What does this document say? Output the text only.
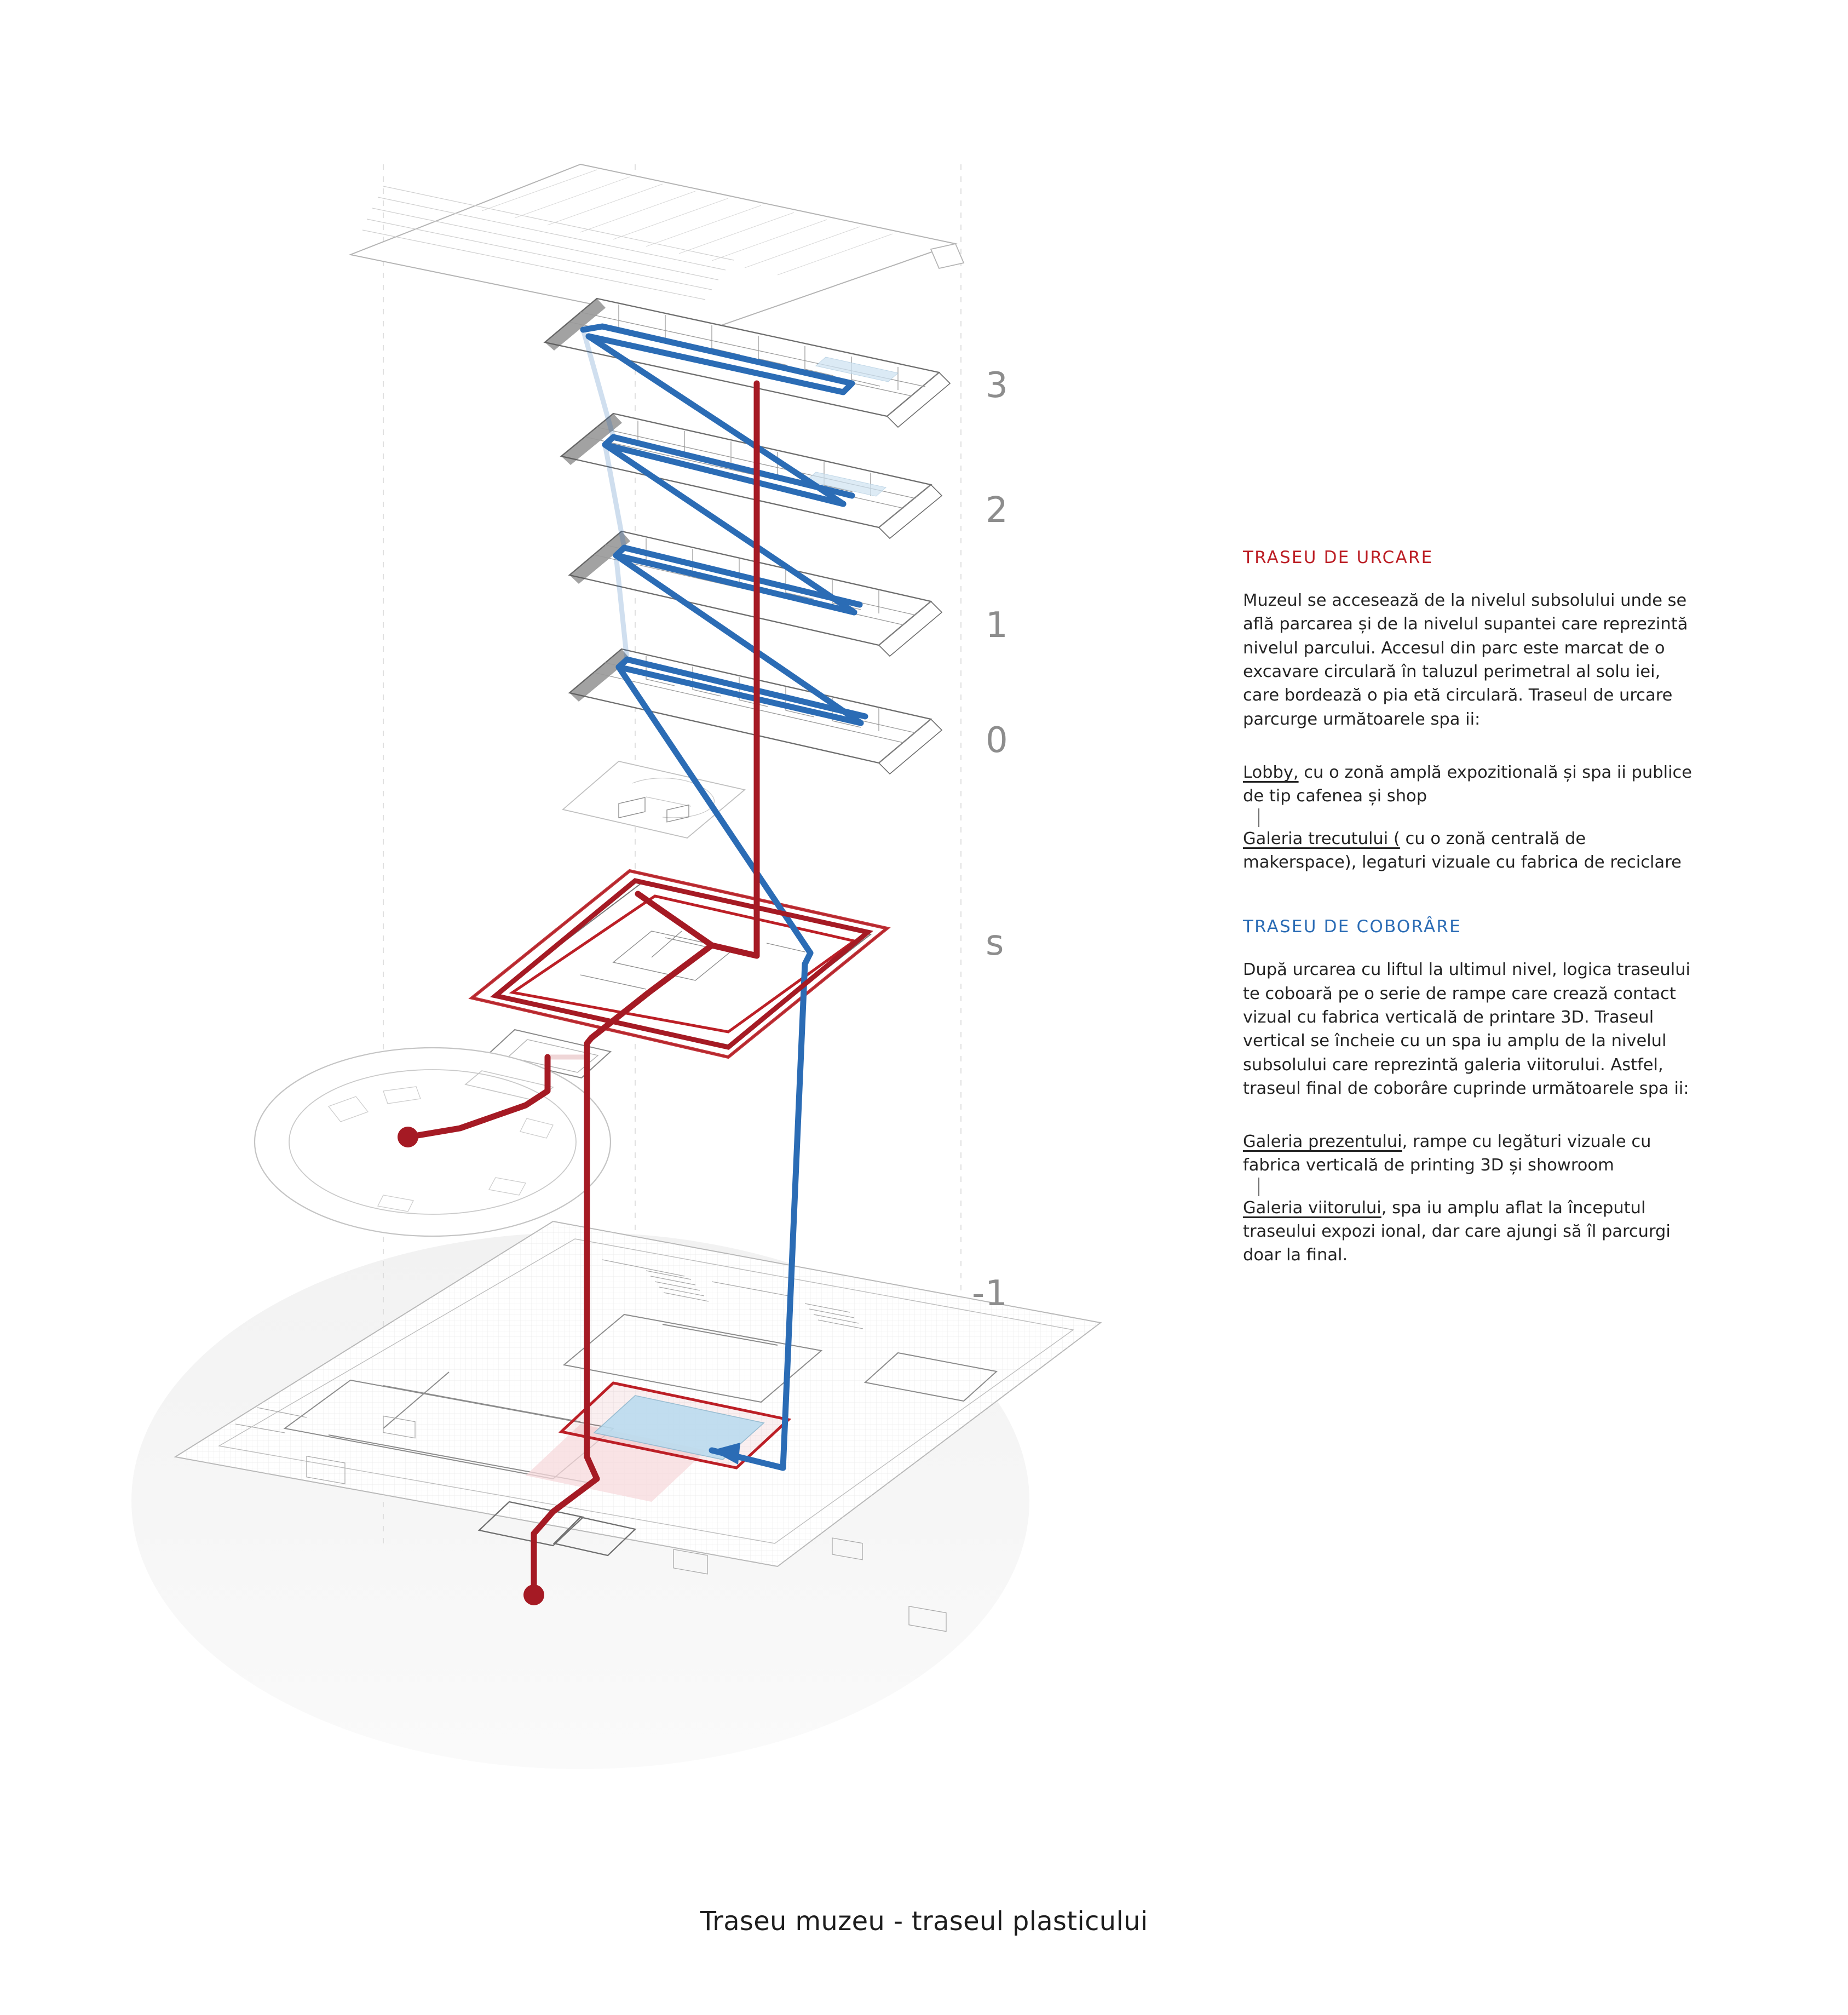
3
2
1
0
s
-1
TRASEU DE URCARE

Muzeul se accesează de la nivelul subsolului unde se află parcarea și de la nivelul supantei care reprezintă nivelul parcului. Accesul din parc este marcat de o excavare circulară în taluzul perimetral al solu iei, care bordează o pia etă circulară. Traseul de urcare parcurge următoarele spa ii:

Lobby, cu o zonă amplă expozitională și spa ii publice de tip cafenea și shop
Galeria trecutului ( cu o zonă centrală de makerspace), legaturi vizuale cu fabrica de reciclare
TRASEU DE COBORÂRE

După urcarea cu liftul la ultimul nivel, logica traseului te coboară pe o serie de rampe care crează contact vizual cu fabrica verticală de printare 3D. Traseul vertical se încheie cu un spa iu amplu de la nivelul subsolului care reprezintă galeria viitorului. Astfel, traseul final de coborâre cuprinde următoarele spa ii:

Galeria prezentului, rampe cu legături vizuale cu fabrica verticală de printing 3D și showroom
Galeria viitorului, spa iu amplu aflat la începutul traseului expozi ional, dar care ajungi să îl parcurgi doar la final.
Traseu muzeu - traseul plasticului
